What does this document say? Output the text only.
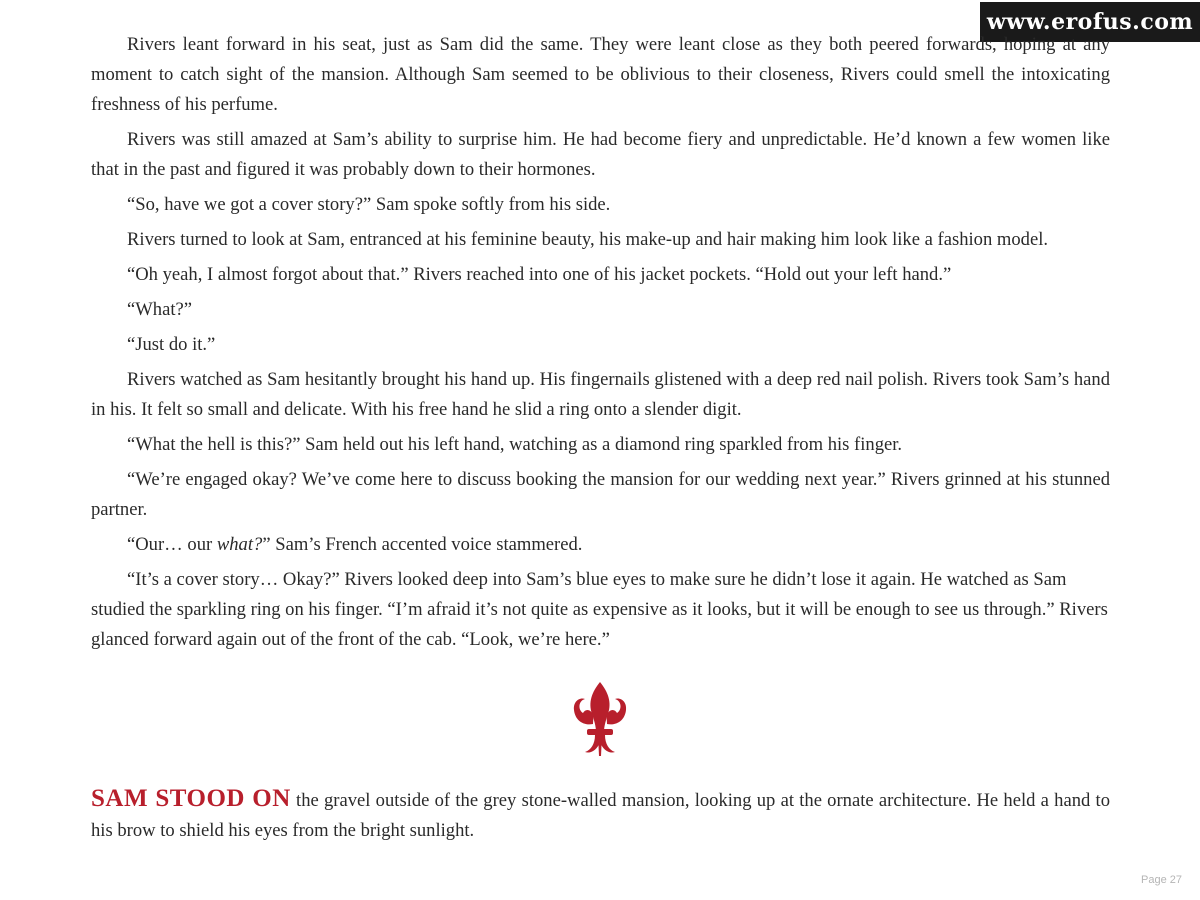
www.erofus.com

Rivers leant forward in his seat, just as Sam did the same. They were leant close as they both peered forwards, hoping at any moment to catch sight of the mansion. Although Sam seemed to be oblivious to their closeness, Rivers could smell the intoxicating freshness of his perfume.

Rivers was still amazed at Sam’s ability to surprise him. He had become fiery and unpredictable. He’d known a few women like that in the past and figured it was probably down to their hormones.

“So, have we got a cover story?” Sam spoke softly from his side.

Rivers turned to look at Sam, entranced at his feminine beauty, his make-up and hair making him look like a fashion model.

“Oh yeah, I almost forgot about that.” Rivers reached into one of his jacket pockets. “Hold out your left hand.”

“What?”

“Just do it.”

Rivers watched as Sam hesitantly brought his hand up. His fingernails glistened with a deep red nail polish. Rivers took Sam’s hand in his. It felt so small and delicate. With his free hand he slid a ring onto a slender digit.

“What the hell is this?” Sam held out his left hand, watching as a diamond ring sparkled from his finger.

“We’re engaged okay? We’ve come here to discuss booking the mansion for our wedding next year.” Rivers grinned at his stunned partner.

“Our… our what?” Sam’s French accented voice stammered.

“It’s a cover story… Okay?” Rivers looked deep into Sam’s blue eyes to make sure he didn’t lose it again. He watched as Sam studied the sparkling ring on his finger. “I’m afraid it’s not quite as expensive as it looks, but it will be enough to see us through.” Rivers glanced forward again out of the front of the cab. “Look, we’re here.”

SAM STOOD ON the gravel outside of the grey stone-walled mansion, looking up at the ornate architecture. He held a hand to his brow to shield his eyes from the bright sunlight.
Page 27
